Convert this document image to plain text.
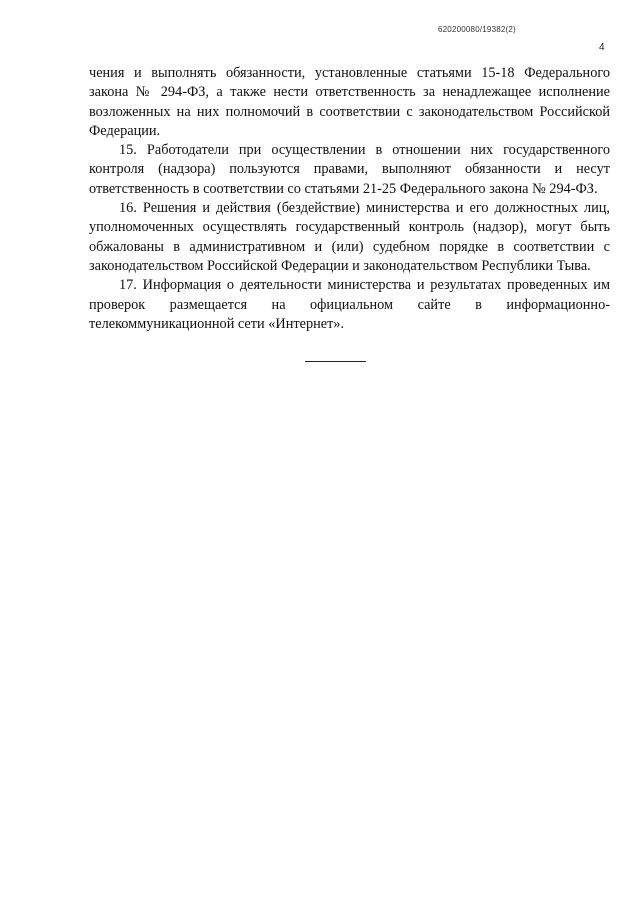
620200080/19382(2)
4

чения и выполнять обязанности, установленные статьями 15-18 Федерального закона № 294-ФЗ, а также нести ответственность за ненадлежащее исполнение возложенных на них полномочий в соответствии с законодательством Российской Федерации.

15. Работодатели при осуществлении в отношении них государственного контроля (надзора) пользуются правами, выполняют обязанности и несут ответственность в соответствии со статьями 21-25 Федерального закона № 294-ФЗ.

16. Решения и действия (бездействие) министерства и его должностных лиц, уполномоченных осуществлять государственный контроль (надзор), могут быть обжалованы в административном и (или) судебном порядке в соответствии с законодательством Российской Федерации и законодательством Республики Тыва.

17. Информация о деятельности министерства и результатах проведенных им проверок размещается на официальном сайте в информационно-телекоммуникационной сети «Интернет».
